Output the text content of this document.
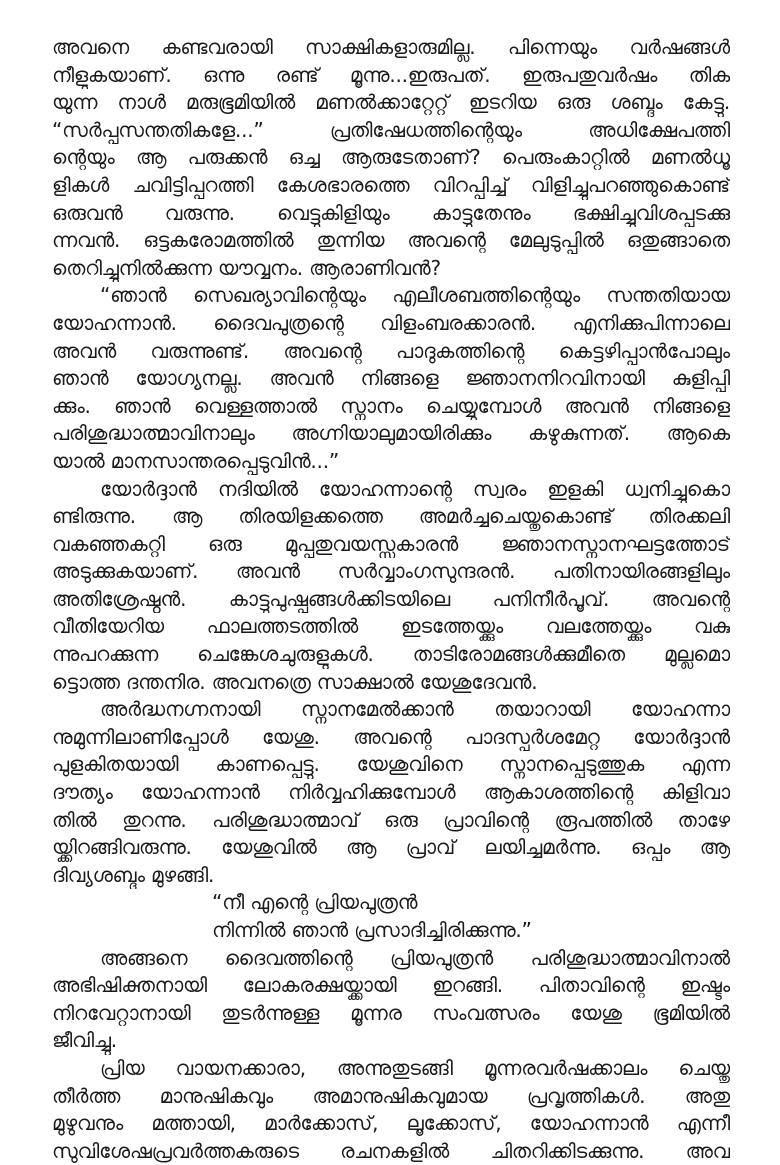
അവനെ കണ്ടവരായി സാക്ഷികളാരുമില്ല. പിന്നെയും വർഷങ്ങൾ
നീളുകയാണ്. ഒന്നു രണ്ട് മൂന്നു...ഇരുപത്. ഇരുപതുവർഷം തിക
യുന്ന നാൾ മരുഭൂമിയിൽ മണൽക്കാറ്റേറ്റ് ഇടറിയ ഒരു ശബ്ദം കേട്ടു.
“സർപ്പസന്തതികളേ...” പ്രതിഷേധത്തിന്റെയും അധിക്ഷേപത്തി
ന്റെയും ആ പരുക്കൻ ഒച്ച ആരുടേതാണ്? പെരുംകാറ്റിൽ മണൽധൂ
ളികൾ ചവിട്ടിപ്പറത്തി കേശഭാരത്തെ വിറപ്പിച്ച് വിളിച്ചുപറഞ്ഞുകൊണ്ട്
ഒരുവൻ വരുന്നു. വെട്ടുകിളിയും കാട്ടുതേനും ഭക്ഷിച്ചുവിശപ്പടക്കു
ന്നവൻ. ഒട്ടകരോമത്തിൽ തുന്നിയ അവന്റെ മേലുടുപ്പിൽ ഒതുങ്ങാതെ
തെറിച്ചുനിൽക്കുന്ന യൗവ്വനം. ആരാണിവൻ?
“ഞാൻ സെഖര്യാവിന്റെയും എലീശബത്തിന്റെയും സന്തതിയായ
യോഹന്നാൻ. ദൈവപുത്രന്റെ വിളംബരക്കാരൻ. എനിക്കുപിന്നാലെ
അവൻ വരുന്നുണ്ട്. അവന്റെ പാദുകത്തിന്റെ കെട്ടഴിപ്പാൻപോലും
ഞാൻ യോഗ്യനല്ല. അവൻ നിങ്ങളെ ജ്ഞാനനിറവിനായി കുളിപ്പി
ക്കും. ഞാൻ വെള്ളത്താൽ സ്നാനം ചെയ്യുമ്പോൾ അവൻ നിങ്ങളെ
പരിശുദ്ധാത്മാവിനാലും അഗ്നിയാലുമായിരിക്കും കഴുകുന്നത്. ആകെ
യാൽ മാനസാന്തരപ്പെടുവിൻ...”
യോർദ്ദാൻ നദിയിൽ യോഹന്നാന്റെ സ്വരം ഇളകി ധ്വനിച്ചുകൊ
ണ്ടിരുന്നു. ആ തിരയിളക്കത്തെ അമർച്ചചെയ്തുകൊണ്ട് തിരക്കലി
വകഞ്ഞകറ്റി ഒരു മുപ്പതുവയസ്സുകാരൻ ജ്ഞാനസ്നാനഘട്ടത്തോട്
അടുക്കുകയാണ്. അവൻ സർവ്വാംഗസുന്ദരൻ. പതിനായിരങ്ങളിലും
അതിശ്രേഷ്ഠൻ. കാട്ടുപുഷ്പങ്ങൾക്കിടയിലെ പനിനീർപൂവ്. അവന്റെ
വീതിയേറിയ ഫാലത്തടത്തിൽ ഇടത്തേയ്ക്കും വലത്തേയ്ക്കും വകു
ന്നുപറക്കുന്ന ചെങ്കേശചുരുളുകൾ. താടിരോമങ്ങൾക്കുമീതെ മുല്ലമൊ
ട്ടൊത്ത ദന്തനിര. അവനത്രെ സാക്ഷാൽ യേശുദേവൻ.
അർദ്ധനഗ്നനായി സ്നാനമേൽക്കാൻ തയാറായി യോഹന്നാ
നുമുന്നിലാണിപ്പോൾ യേശു. അവന്റെ പാദസ്പർശമേറ്റ യോർദ്ദാൻ
പുളകിതയായി കാണപ്പെട്ടു. യേശുവിനെ സ്നാനപ്പെടുത്തുക എന്ന
ദൗത്യം യോഹന്നാൻ നിർവ്വഹിക്കുമ്പോൾ ആകാശത്തിന്റെ കിളിവാ
തിൽ തുറന്നു. പരിശുദ്ധാത്മാവ് ഒരു പ്രാവിന്റെ രൂപത്തിൽ താഴേ
യ്ക്കിറങ്ങിവരുന്നു. യേശുവിൽ ആ പ്രാവ് ലയിച്ചമർന്നു. ഒപ്പം ആ
ദിവ്യശബ്ദം മുഴങ്ങി.
“നീ എന്റെ പ്രിയപുത്രൻ
നിന്നിൽ ഞാൻ പ്രസാദിച്ചിരിക്കുന്നു.”
അങ്ങനെ ദൈവത്തിന്റെ പ്രിയപുത്രൻ പരിശുദ്ധാത്മാവിനാൽ
അഭിഷിക്തനായി ലോകരക്ഷയ്ക്കായി ഇറങ്ങി. പിതാവിന്റെ ഇഷ്ടം
നിറവേറ്റാനായി തുടർന്നുള്ള മൂന്നര സംവത്സരം യേശു ഭൂമിയിൽ
ജീവിച്ചു.
പ്രിയ വായനക്കാരാ, അന്നുതുടങ്ങി മൂന്നരവർഷക്കാലം ചെയ്തു
തീർത്ത മാനുഷികവും അമാനുഷികവുമായ പ്രവൃത്തികൾ. അതു
മുഴുവനും മത്തായി, മാർക്കോസ്, ലൂക്കോസ്, യോഹന്നാൻ എന്നീ
സുവിശേഷപ്രവർത്തകരുടെ രചനകളിൽ ചിതറിക്കിടക്കുന്നു. അവ
